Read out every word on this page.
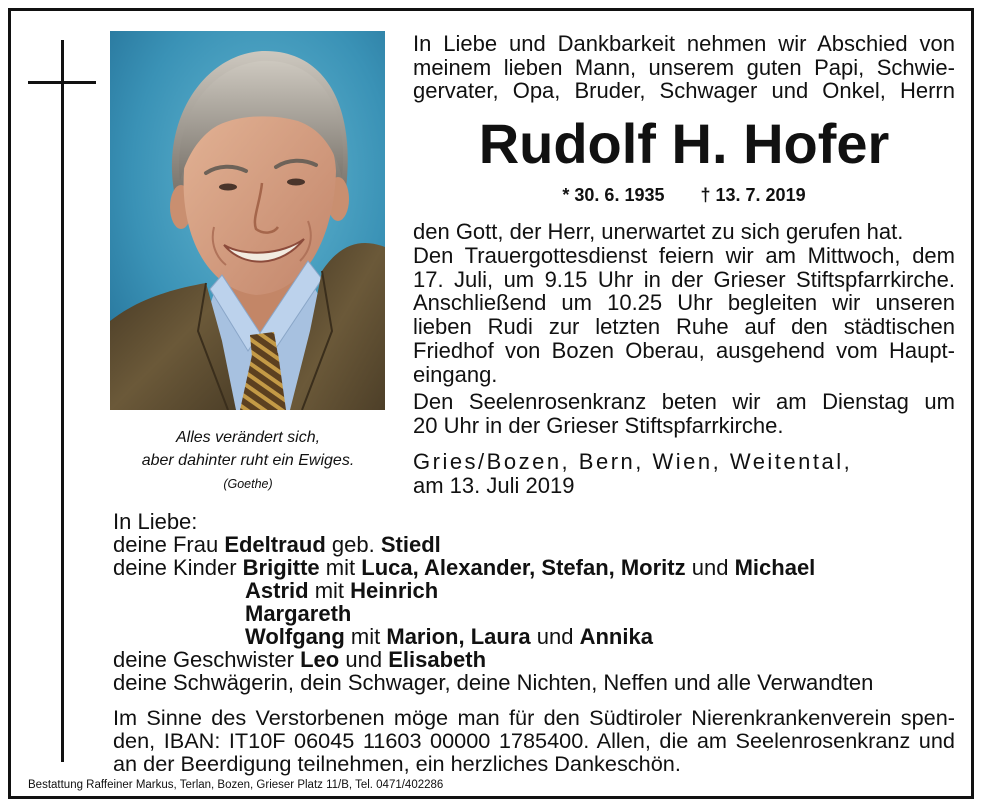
Alles verändert sich,
aber dahinter ruht ein Ewiges.
(Goethe)
In Liebe und Dankbarkeit nehmen wir Abschied von
meinem lieben Mann, unserem guten Papi, Schwie-
gervater, Opa, Bruder, Schwager und Onkel, Herrn
Rudolf H. Hofer
* 30. 6. 1935 † 13. 7. 2019
den Gott, der Herr, unerwartet zu sich gerufen hat.
Den Trauergottesdienst feiern wir am Mittwoch, dem
17. Juli, um 9.15 Uhr in der Grieser Stiftspfarrkirche.
Anschließend um 10.25 Uhr begleiten wir unseren
lieben Rudi zur letzten Ruhe auf den städtischen
Friedhof von Bozen Oberau, ausgehend vom Haupt-
eingang.
Den Seelenrosenkranz beten wir am Dienstag um
20 Uhr in der Grieser Stiftspfarrkirche.
Gries/Bozen, Bern, Wien, Weitental,
am 13. Juli 2019
In Liebe:
deine Frau Edeltraud geb. Stiedl
deine Kinder Brigitte mit Luca, Alexander, Stefan, Moritz und Michael
Astrid mit Heinrich
Margareth
Wolfgang mit Marion, Laura und Annika
deine Geschwister Leo und Elisabeth
deine Schwägerin, dein Schwager, deine Nichten, Neffen und alle Verwandten
Im Sinne des Verstorbenen möge man für den Südtiroler Nierenkrankenverein spen-
den, IBAN: IT10F 06045 11603 00000 1785400. Allen, die am Seelenrosenkranz und
an der Beerdigung teilnehmen, ein herzliches Dankeschön.
Bestattung Raffeiner Markus, Terlan, Bozen, Grieser Platz 11/B, Tel. 0471/402286
